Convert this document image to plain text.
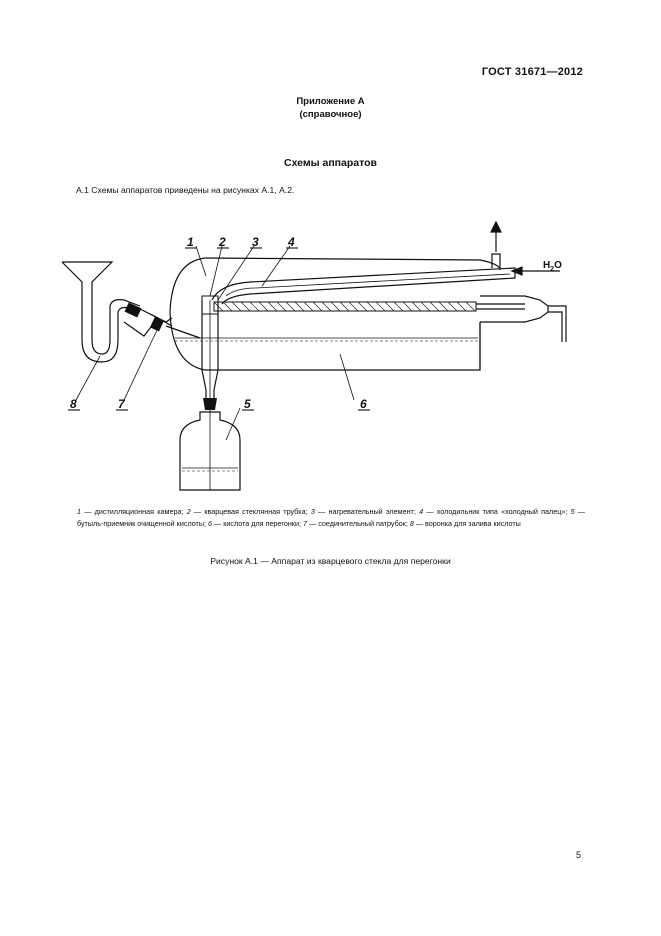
ГОСТ 31671—2012
Приложение А
(справочное)
Схемы аппаратов
А.1 Схемы аппаратов приведены на рисунках А.1, А.2.
1 2 3 4
5	6
7
8
$H_2O$
1 — дистилляционная камера; 2 — кварцевая стеклянная трубка; 3 — нагревательный элемент; 4 — холодильник типа «холодный палец»; 5 — бутыль-приемник очищенной кислоты; 6 — кислота для перегонки; 7 — соединительный патрубок; 8 — воронка для залива кислоты
Рисунок А.1 — Аппарат из кварцевого стекла для перегонки
5
